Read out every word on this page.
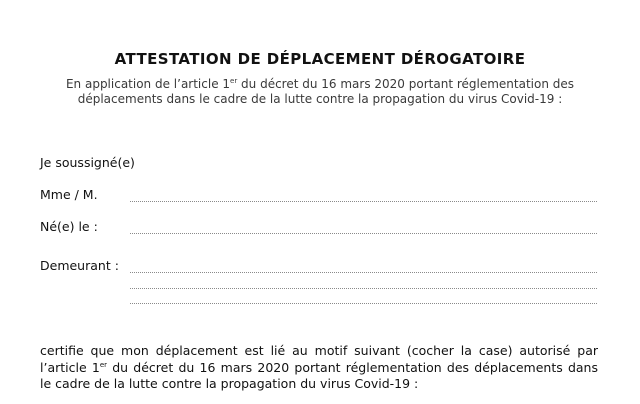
ATTESTATION DE DÉPLACEMENT DÉROGATOIRE
En application de l’article 1er du décret du 16 mars 2020 portant réglementation des déplacements dans le cadre de la lutte contre la propagation du virus Covid-19 :
Je soussigné(e)
Mme / M.
Né(e) le :
Demeurant :
certifie que mon déplacement est lié au motif suivant (cocher la case) autorisé par l’article 1er du décret du 16 mars 2020 portant réglementation des déplacements dans le cadre de la lutte contre la propagation du virus Covid-19 :
